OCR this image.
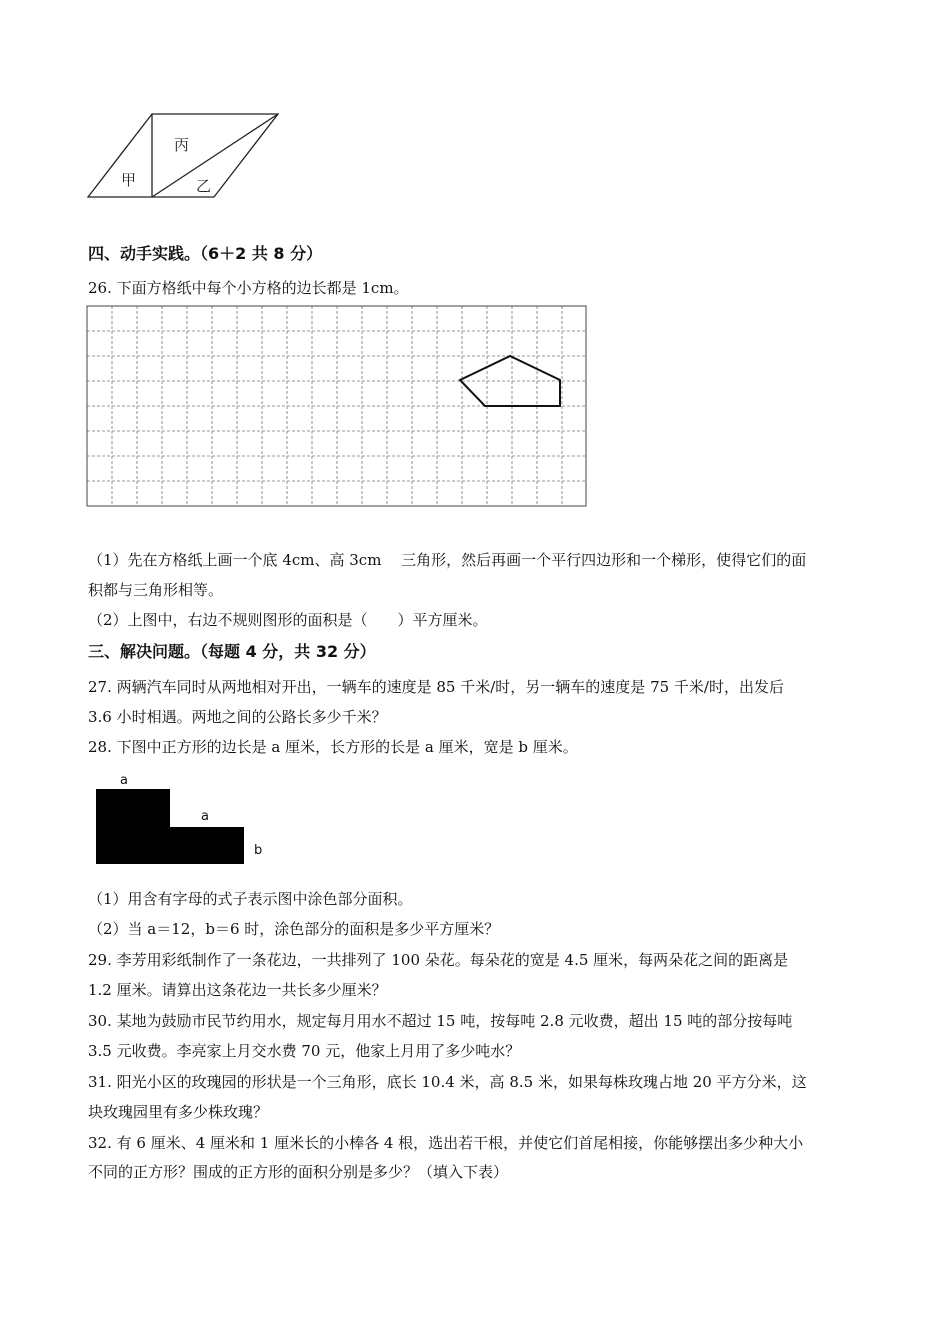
丙
甲	乙
四、动手实践。（6＋2 共 8 分）
26. 下面方格纸中每个小方格的边长都是 1cm。
（1）先在方格纸上画一个底 4cm、高 3cm 　三角形，然后再画一个平行四边形和一个梯形，使得它们的面
积都与三角形相等。
（2）上图中，右边不规则图形的面积是（　　）平方厘米。
三、解决问题。（每题 4 分，共 32 分）
27. 两辆汽车同时从两地相对开出，一辆车的速度是 85 千米/时，另一辆车的速度是 75 千米/时，出发后
3.6 小时相遇。两地之间的公路长多少千米？
28. 下图中正方形的边长是 a 厘米，长方形的长是 a 厘米，宽是 b 厘米。
a
a
b
（1）用含有字母的式子表示图中涂色部分面积。
（2）当 a＝12，b＝6 时，涂色部分的面积是多少平方厘米？
29. 李芳用彩纸制作了一条花边，一共排列了 100 朵花。每朵花的宽是 4.5 厘米，每两朵花之间的距离是
1.2 厘米。请算出这条花边一共长多少厘米？
30. 某地为鼓励市民节约用水，规定每月用水不超过 15 吨，按每吨 2.8 元收费，超出 15 吨的部分按每吨
3.5 元收费。李亮家上月交水费 70 元，他家上月用了多少吨水？
31. 阳光小区的玫瑰园的形状是一个三角形，底长 10.4 米，高 8.5 米，如果每株玫瑰占地 20 平方分米，这
块玫瑰园里有多少株玫瑰？
32. 有 6 厘米、4 厘米和 1 厘米长的小棒各 4 根，选出若干根，并使它们首尾相接，你能够摆出多少种大小
不同的正方形？围成的正方形的面积分别是多少？（填入下表）
